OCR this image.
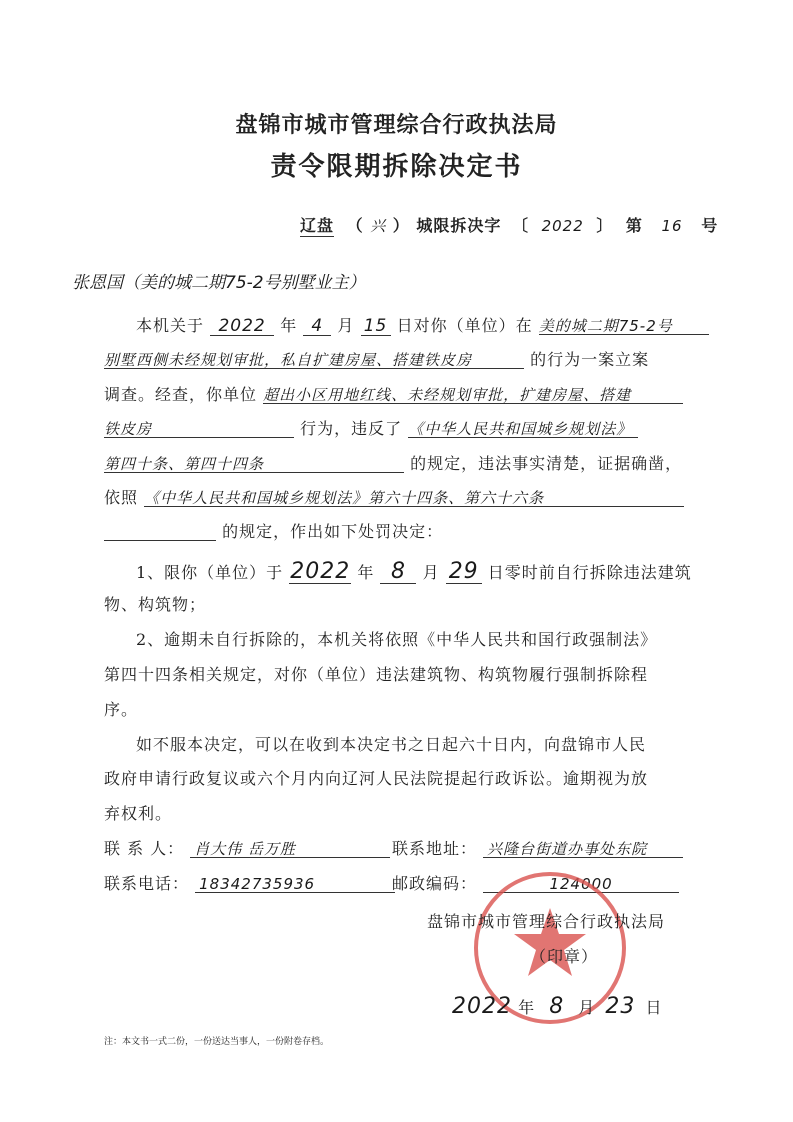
盘锦市城市管理综合行政执法局
责令限期拆除决定书
辽盘 （ 兴 ） 城限拆决字 〔 2022 〕 第 16 号
张恩国（美的城二期75-2号别墅业主）
本机关于 2022 年 4 月 15 日对你（单位）在 美的城二期75-2号
别墅西侧未经规划审批，私自扩建房屋、搭建铁皮房	的行为一案立案
调查。经查，你单位 超出小区用地红线、未经规划审批，扩建房屋、搭建
铁皮房	行为，违反了 《中华人民共和国城乡规划法》
第四十条、第四十四条	的规定，违法事实清楚，证据确凿，
依照 《中华人民共和国城乡规划法》第六十四条、第六十六条
的规定，作出如下处罚决定：
1、限你（单位）于 2022 年 8 月 29 日零时前自行拆除违法建筑
物、构筑物；
2、逾期未自行拆除的，本机关将依照《中华人民共和国行政强制法》
第四十四条相关规定，对你（单位）违法建筑物、构筑物履行强制拆除程
序。
如不服本决定，可以在收到本决定书之日起六十日内，向盘锦市人民
政府申请行政复议或六个月内向辽河人民法院提起行政诉讼。逾期视为放
弃权利。
联 系 人： 肖大伟 岳万胜	联系地址： 兴隆台街道办事处东院
联系电话： 18342735936	邮政编码：	124000
盘锦市城市管理综合行政执法局
（印章）
2022 年 8 月 23 日
注：本文书一式二份，一份送达当事人，一份附卷存档。
